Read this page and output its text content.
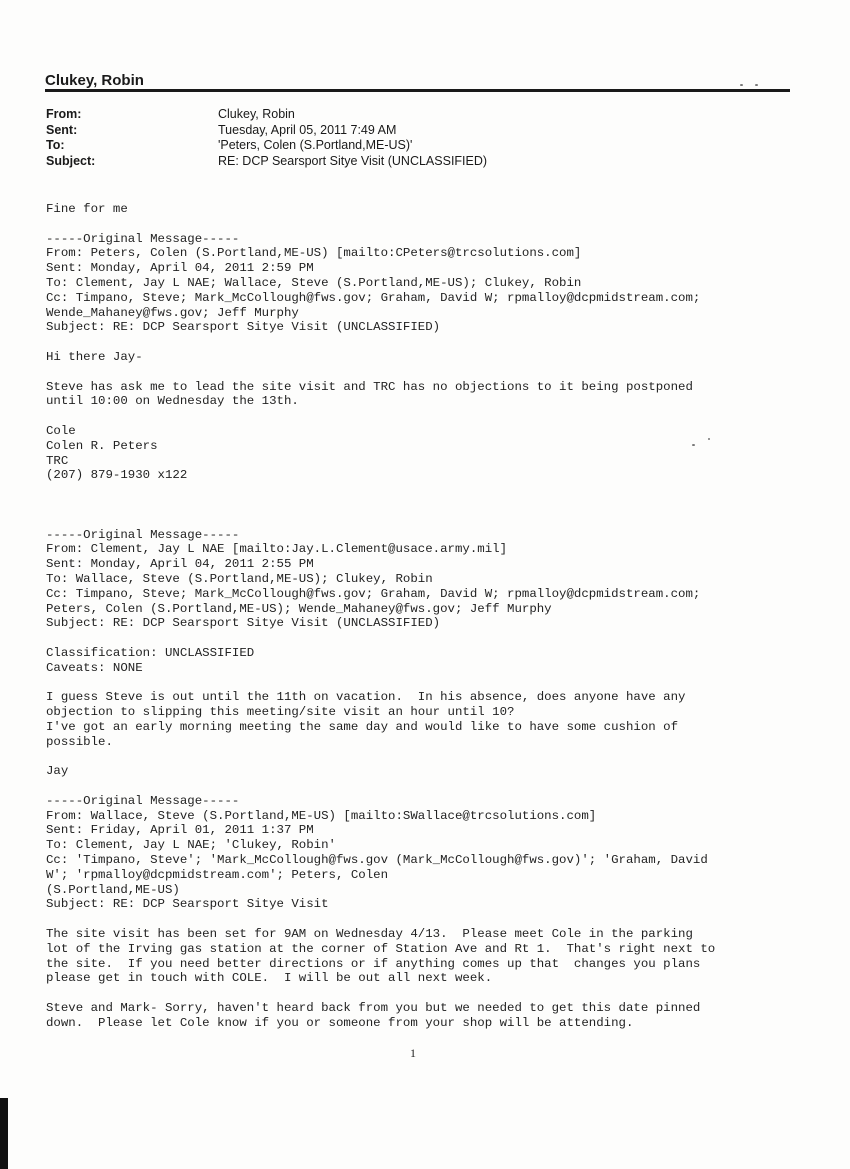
Clukey, Robin
From:	Clukey, Robin
Sent:	Tuesday, April 05, 2011 7:49 AM
To:	'Peters, Colen (S.Portland,ME-US)'
Subject:	RE: DCP Searsport Sitye Visit (UNCLASSIFIED)
Fine for me
-----Original Message-----
From: Peters, Colen (S.Portland,ME-US) [mailto:CPeters@trcsolutions.com]
Sent: Monday, April 04, 2011 2:59 PM
To: Clement, Jay L NAE; Wallace, Steve (S.Portland,ME-US); Clukey, Robin
Cc: Timpano, Steve; Mark_McCollough@fws.gov; Graham, David W; rpmalloy@dcpmidstream.com;
Wende_Mahaney@fws.gov; Jeff Murphy
Subject: RE: DCP Searsport Sitye Visit (UNCLASSIFIED)
Hi there Jay-
Steve has ask me to lead the site visit and TRC has no objections to it being postponed
until 10:00 on Wednesday the 13th.
Cole
Colen R. Peters
TRC
(207) 879-1930 x122
-----Original Message-----
From: Clement, Jay L NAE [mailto:Jay.L.Clement@usace.army.mil]
Sent: Monday, April 04, 2011 2:55 PM
To: Wallace, Steve (S.Portland,ME-US); Clukey, Robin
Cc: Timpano, Steve; Mark_McCollough@fws.gov; Graham, David W; rpmalloy@dcpmidstream.com;
Peters, Colen (S.Portland,ME-US); Wende_Mahaney@fws.gov; Jeff Murphy
Subject: RE: DCP Searsport Sitye Visit (UNCLASSIFIED)
Classification: UNCLASSIFIED
Caveats: NONE
I guess Steve is out until the 11th on vacation.  In his absence, does anyone have any
objection to slipping this meeting/site visit an hour until 10?
I've got an early morning meeting the same day and would like to have some cushion of
possible.
Jay
-----Original Message-----
From: Wallace, Steve (S.Portland,ME-US) [mailto:SWallace@trcsolutions.com]
Sent: Friday, April 01, 2011 1:37 PM
To: Clement, Jay L NAE; 'Clukey, Robin'
Cc: 'Timpano, Steve'; 'Mark_McCollough@fws.gov (Mark_McCollough@fws.gov)'; 'Graham, David
W'; 'rpmalloy@dcpmidstream.com'; Peters, Colen
(S.Portland,ME-US)
Subject: RE: DCP Searsport Sitye Visit
The site visit has been set for 9AM on Wednesday 4/13.  Please meet Cole in the parking
lot of the Irving gas station at the corner of Station Ave and Rt 1.  That's right next to
the site.  If you need better directions or if anything comes up that  changes you plans
please get in touch with COLE.  I will be out all next week.
Steve and Mark- Sorry, haven't heard back from you but we needed to get this date pinned
down.  Please let Cole know if you or someone from your shop will be attending.
1
